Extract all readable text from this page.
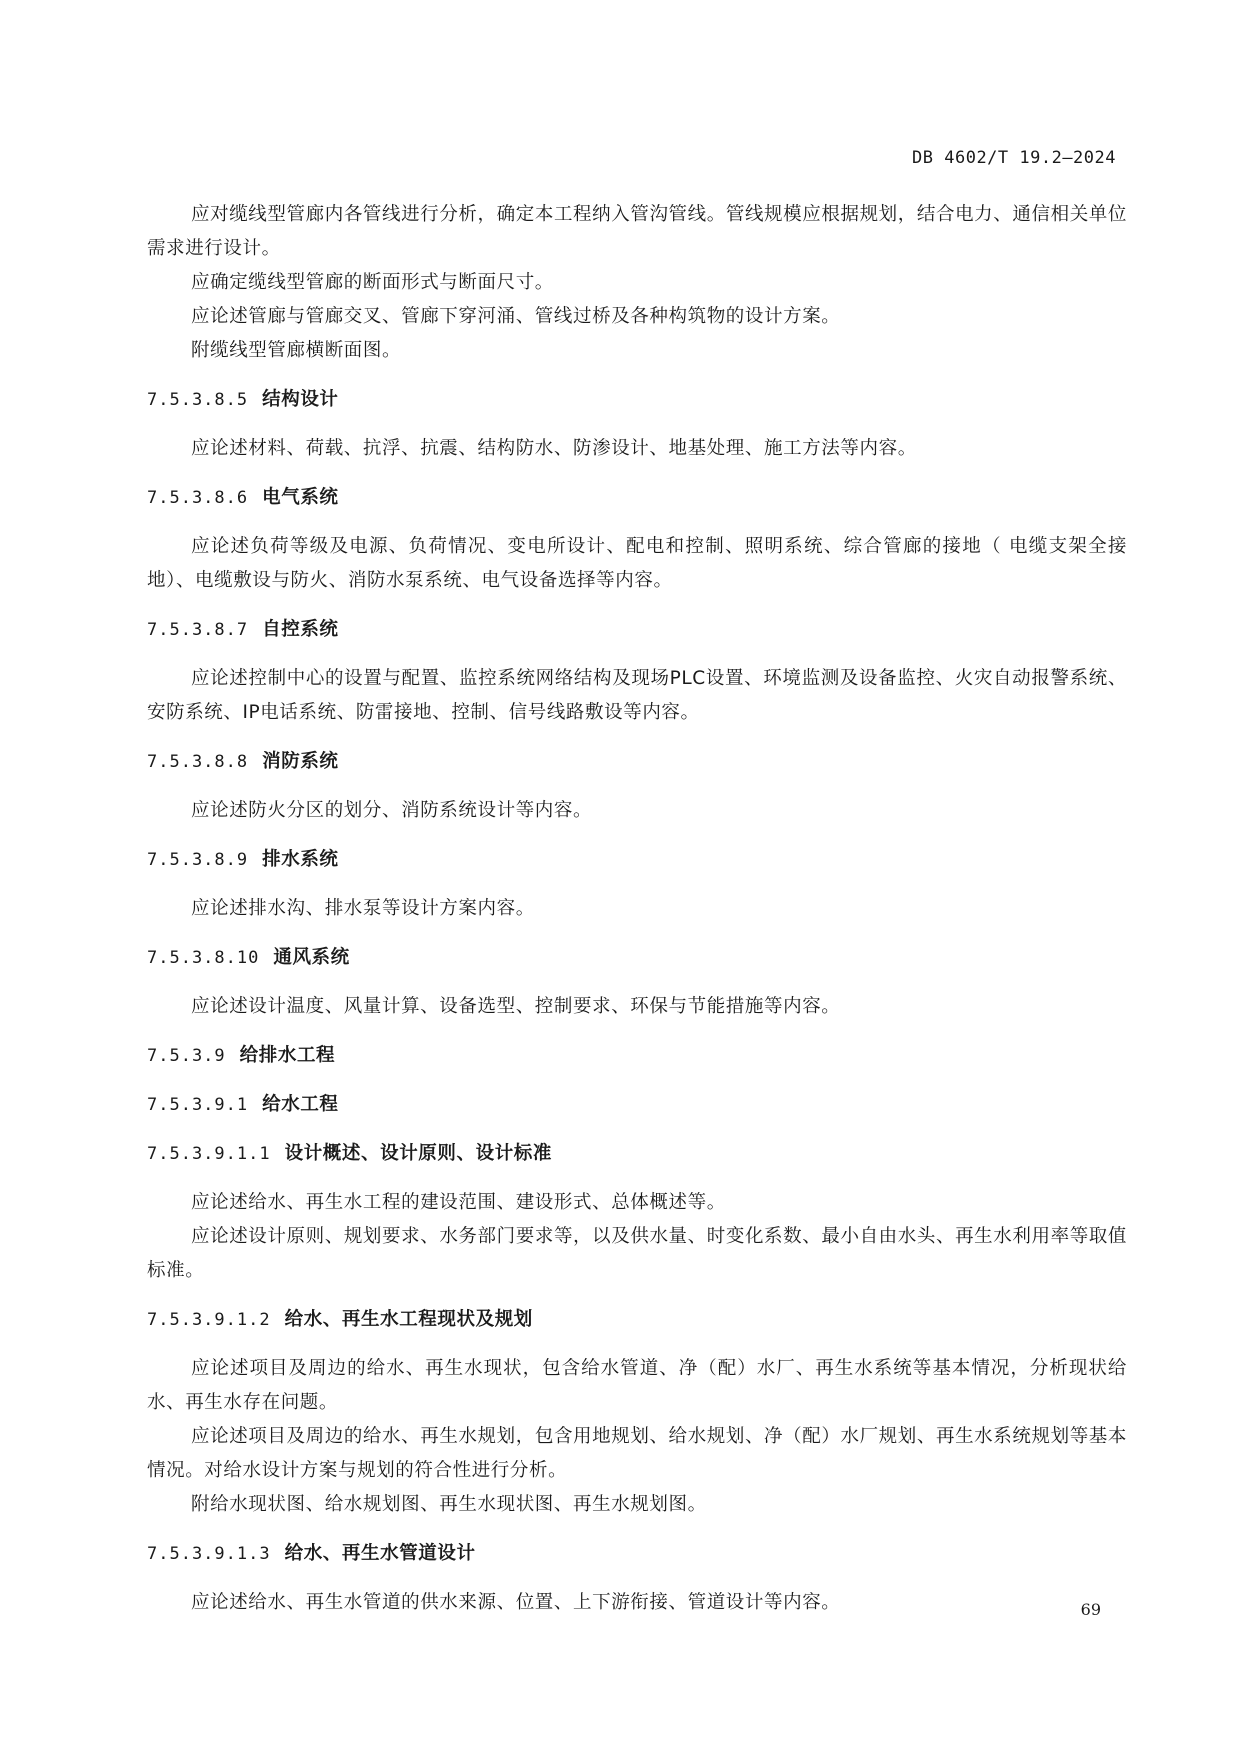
DB 4602/T 19.2—2024

应对缆线型管廊内各管线进行分析，确定本工程纳入管沟管线。管线规模应根据规划，结合电力、通信相关单位需求进行设计。

应确定缆线型管廊的断面形式与断面尺寸。

应论述管廊与管廊交叉、管廊下穿河涌、管线过桥及各种构筑物的设计方案。

附缆线型管廊横断面图。

7.5.3.8.5 结构设计

应论述材料、荷载、抗浮、抗震、结构防水、防渗设计、地基处理、施工方法等内容。

7.5.3.8.6 电气系统

应论述负荷等级及电源、负荷情况、变电所设计、配电和控制、照明系统、综合管廊的接地（ 电缆支架全接地）、电缆敷设与防火、消防水泵系统、电气设备选择等内容。

7.5.3.8.7 自控系统

应论述控制中心的设置与配置、监控系统网络结构及现场PLC设置、环境监测及设备监控、火灾自动报警系统、安防系统、IP电话系统、防雷接地、控制、信号线路敷设等内容。

7.5.3.8.8 消防系统

应论述防火分区的划分、消防系统设计等内容。

7.5.3.8.9 排水系统

应论述排水沟、排水泵等设计方案内容。

7.5.3.8.10 通风系统

应论述设计温度、风量计算、设备选型、控制要求、环保与节能措施等内容。

7.5.3.9 给排水工程
7.5.3.9.1 给水工程
7.5.3.9.1.1 设计概述、设计原则、设计标准

应论述给水、再生水工程的建设范围、建设形式、总体概述等。

应论述设计原则、规划要求、水务部门要求等，以及供水量、时变化系数、最小自由水头、再生水利用率等取值标准。

7.5.3.9.1.2 给水、再生水工程现状及规划

应论述项目及周边的给水、再生水现状，包含给水管道、净（配）水厂、再生水系统等基本情况，分析现状给水、再生水存在问题。

应论述项目及周边的给水、再生水规划，包含用地规划、给水规划、净（配）水厂规划、再生水系统规划等基本情况。对给水设计方案与规划的符合性进行分析。

附给水现状图、给水规划图、再生水现状图、再生水规划图。

7.5.3.9.1.3 给水、再生水管道设计

应论述给水、再生水管道的供水来源、位置、上下游衔接、管道设计等内容。	69
